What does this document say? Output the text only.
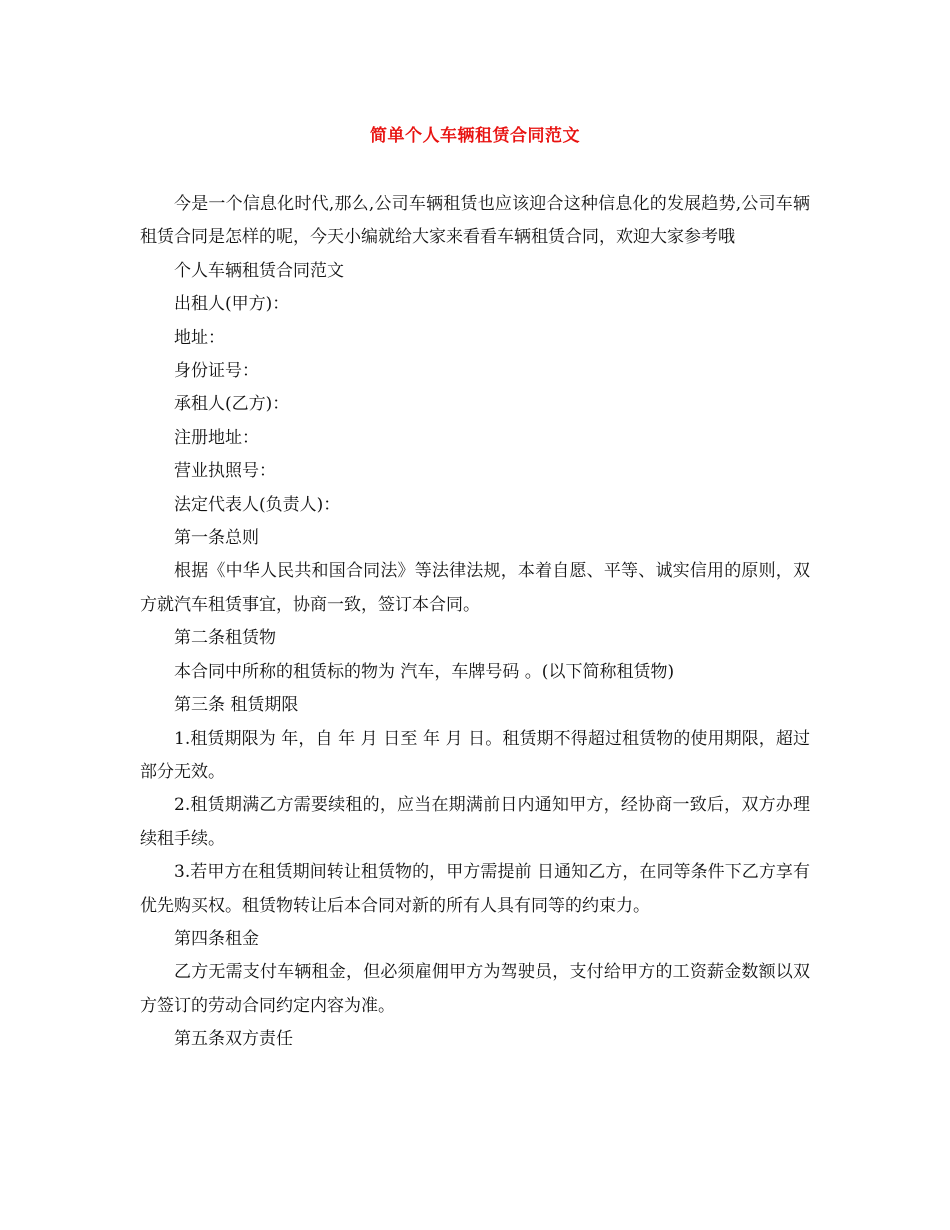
简单个人车辆租赁合同范文

今是一个信息化时代,那么,公司车辆租赁也应该迎合这种信息化的发展趋势,公司车辆租赁合同是怎样的呢，今天小编就给大家来看看车辆租赁合同，欢迎大家参考哦

个人车辆租赁合同范文

出租人(甲方)：

地址：

身份证号：

承租人(乙方)：

注册地址：

营业执照号：

法定代表人(负责人)：

第一条总则

根据《中华人民共和国合同法》等法律法规，本着自愿、平等、诚实信用的原则，双方就汽车租赁事宜，协商一致，签订本合同。

第二条租赁物

本合同中所称的租赁标的物为 汽车，车牌号码 。(以下简称租赁物)

第三条 租赁期限

1.租赁期限为 年，自 年 月 日至 年 月 日。租赁期不得超过租赁物的使用期限，超过部分无效。

2.租赁期满乙方需要续租的，应当在期满前日内通知甲方，经协商一致后，双方办理续租手续。

3.若甲方在租赁期间转让租赁物的，甲方需提前 日通知乙方，在同等条件下乙方享有优先购买权。租赁物转让后本合同对新的所有人具有同等的约束力。

第四条租金

乙方无需支付车辆租金，但必须雇佣甲方为驾驶员，支付给甲方的工资薪金数额以双方签订的劳动合同约定内容为准。

第五条双方责任
